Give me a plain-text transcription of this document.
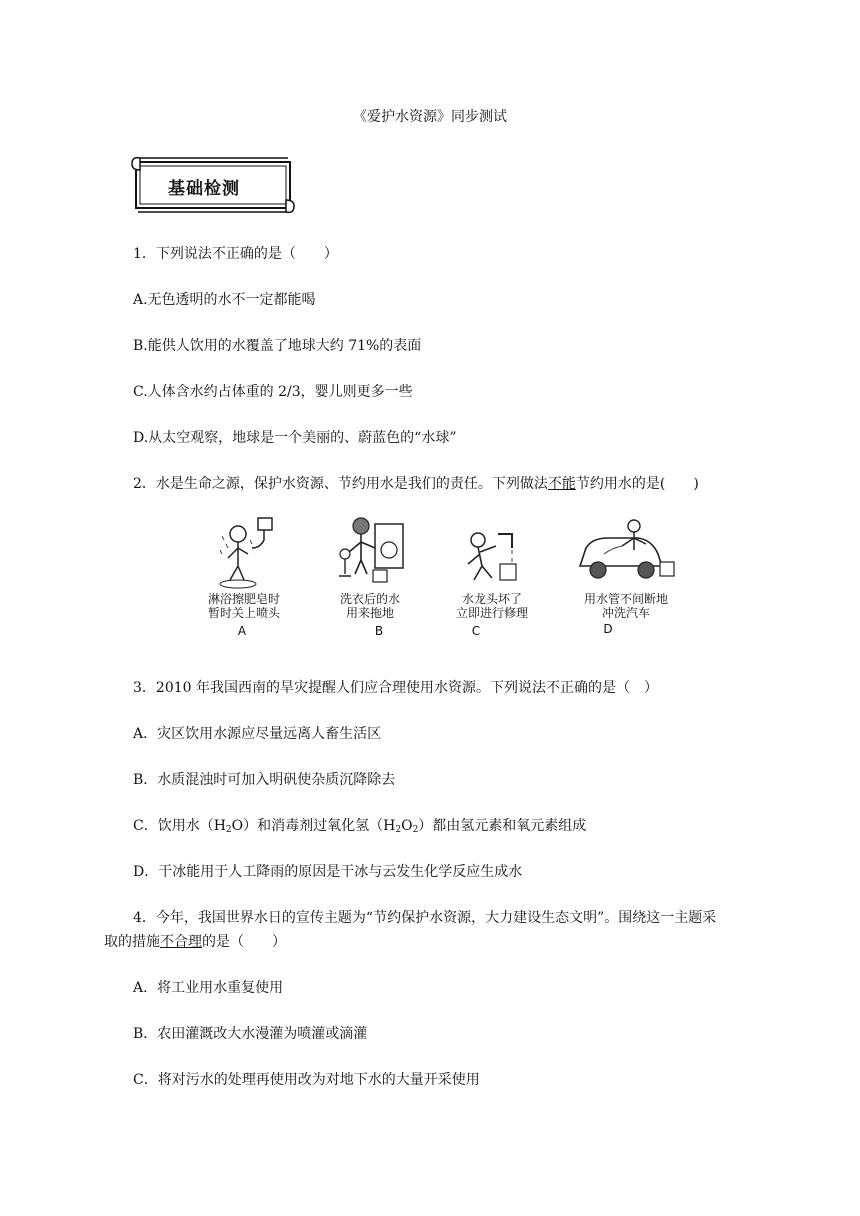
《爱护水资源》同步测试
基础检测
1．下列说法不正确的是（　　）
A.无色透明的水不一定都能喝
B.能供人饮用的水覆盖了地球大约 71%的表面
C.人体含水约占体重的 2/3，婴儿则更多一些
D.从太空观察，地球是一个美丽的、蔚蓝色的“水球”
2．水是生命之源，保护水资源、节约用水是我们的责任。下列做法不能节约用水的是(　　)
淋浴擦肥皂时
暂时关上喷头
A
洗衣后的水
用来拖地
B
水龙头坏了
立即进行修理
C
用水管不间断地
冲洗汽车
D
3．2010 年我国西南的旱灾提醒人们应合理使用水资源。下列说法不正确的是（　）
A．灾区饮用水源应尽量远离人畜生活区
B．水质混浊时可加入明矾使杂质沉降除去
C．饮用水$(H_2O)$和消毒剂过氧化氢$(H_2O_2)$都由氢元素和氧元素组成
D．干冰能用于人工降雨的原因是干冰与云发生化学反应生成水
4．今年，我国世界水日的宣传主题为“节约保护水资源，大力建设生态文明”。围绕这一主题采
取的措施不合理的是（　　）
A．将工业用水重复使用
B．农田灌溉改大水漫灌为喷灌或滴灌
C．将对污水的处理再使用改为对地下水的大量开采使用
